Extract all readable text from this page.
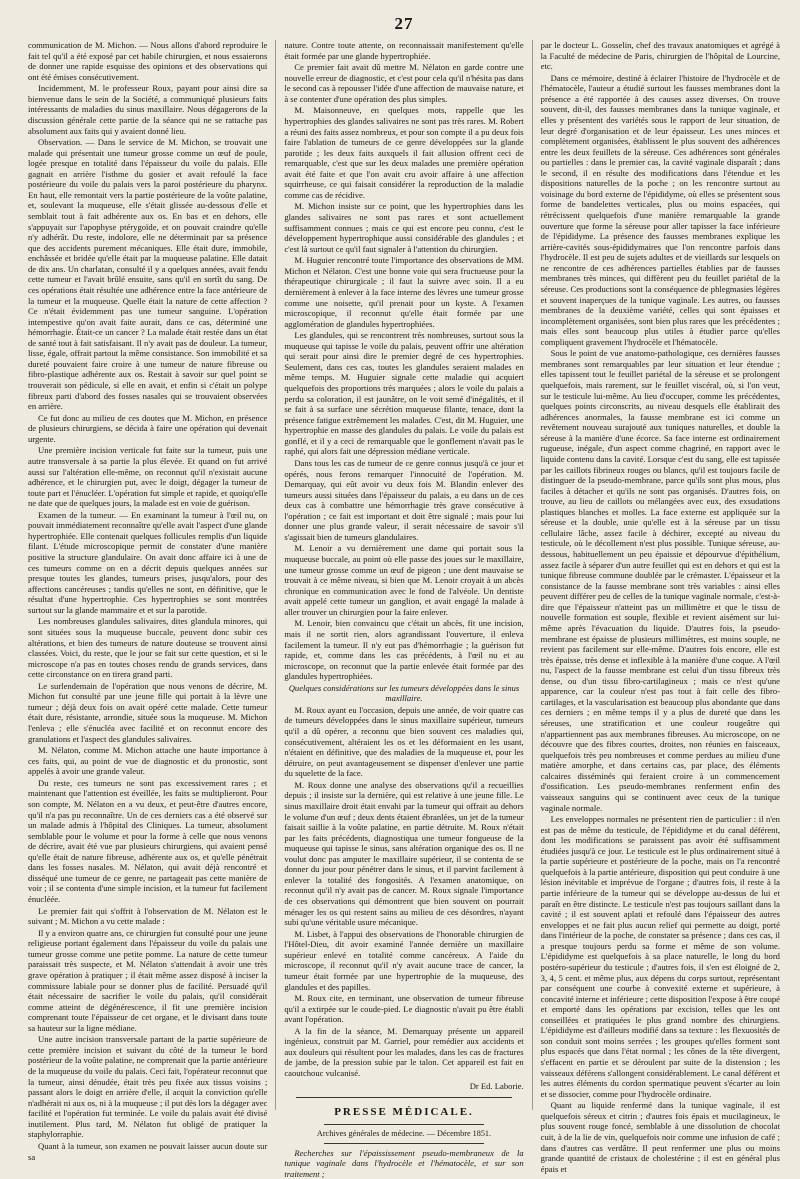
27

communication de M. Michon. — Nous allons d'abord reproduire le fait tel qu'il a été exposé par cet habile chirurgien, et nous essaierons de donner une rapide esquisse des opinions et des observations qui ont été émises consécutivement.

Incidemment, M. le professeur Roux, payant pour ainsi dire sa bienvenue dans le sein de la Société, a communiqué plusieurs faits intéressants de maladies du sinus maxillaire. Nous dégagerons de la discussion générale cette partie de la séance qui ne se rattache pas absolument aux faits qui y avaient donné lieu.

Observation. — Dans le service de M. Michon, se trouvait une malade qui présentait une tumeur grosse comme un œuf de poule, logée presque en totalité dans l'épaisseur du voile du palais. Elle gagnait en arrière l'isthme du gosier et avait refoulé la face postérieure du voile du palais vers la paroi postérieure du pharynx. En haut, elle remontait vers la partie postérieure de la voûte palatine, et, soulevant la muqueuse, elle s'était glissée au-dessous d'elle et semblait tout à fait adhérente aux os. En bas et en dehors, elle s'appuyait sur l'apophyse ptérygoïde, et on pouvait craindre qu'elle n'y adhérât. Du reste, indolore, elle ne déterminait par sa présence que des accidents purement mécaniques. Elle était dure, immobile, enchâssée et bridée qu'elle était par la muqueuse palatine. Elle datait de dix ans. Un charlatan, consulté il y a quelques années, avait fendu cette tumeur et l'avait brûlé ensuite, sans qu'il en sortît du sang. De ces opérations était résultée une adhérence entre la face antérieure de la tumeur et la muqueuse. Quelle était la nature de cette affection ? Ce n'était évidemment pas une tumeur sanguine. L'opération intempestive qu'on avait faite aurait, dans ce cas, déterminé une hémorrhagie. Était-ce un cancer ? La malade était restée dans un état de santé tout à fait satisfaisant. Il n'y avait pas de douleur. La tumeur, lisse, égale, offrait partout la même consistance. Son immobilité et sa dureté pouvaient faire croire à une tumeur de nature fibreuse ou fibro-plastique adhérente aux os. Restait à savoir sur quel point se trouverait son pédicule, si elle en avait, et enfin si c'était un polype fibreux parti d'abord des fosses nasales qui se trouvaient observées en arrière.

Ce fut donc au milieu de ces doutes que M. Michon, en présence de plusieurs chirurgiens, se décida à faire une opération qui devenait urgente.

Une première incision verticale fut faite sur la tumeur, puis une autre transversale à sa partie la plus élevée. Et quand on fut arrivé aussi sur l'altération elle-même, on reconnut qu'il n'existait aucune adhérence, et le chirurgien put, avec le doigt, dégager la tumeur de toute part et l'énucléer. L'opération fut simple et rapide, et quoiqu'elle ne date que de quelques jours, la malade est en voie de guérison.

Examen de la tumeur. — En examinant la tumeur à l'œil nu, on pouvait immédiatement reconnaître qu'elle avait l'aspect d'une glande hypertrophiée. Elle contenait quelques follicules remplis d'un liquide filant. L'étude microscopique permit de constater d'une manière positive la structure glandulaire. On avait donc affaire ici à une de ces tumeurs comme on en a décrit depuis quelques années sur presque toutes les glandes, tumeurs prises, jusqu'alors, pour des affections cancéreuses ; tandis qu'elles ne sont, en définitive, que le résultat d'une hypertrophie. Ces hypertrophies se sont montrées surtout sur la glande mammaire et et sur la parotide.

Les nombreuses glandules salivaires, dites glandula minores, qui sont situées sous la muqueuse buccale, peuvent donc subir ces altérations, et bien des tumeurs de nature douteuse se trouvent ainsi classées. Voici, du reste, que le jour se fait sur cette question, et si le microscope n'a pas en toutes choses rendu de grands services, dans cette circonstance on en tirera grand parti.

Le surlendemain de l'opération que nous venons de décrire, M. Michon fut consulté par une jeune fille qui portait à la lèvre une tumeur ; déjà deux fois on avait opéré cette malade. Cette tumeur était dure, résistante, arrondie, située sous la muqueuse. M. Michon l'enleva ; elle s'énucléa avec facilité et on reconnut encore des granulations et l'aspect des glandules salivaires.

M. Nélaton, comme M. Michon attache une haute importance à ces faits, qui, au point de vue de diagnostic et du pronostic, sont appelés à avoir une grande valeur.

Du reste, ces tumeurs ne sont pas excessivement rares ; et maintenant que l'attention est éveillée, les faits se multiplieront. Pour son compte, M. Nélaton en a vu deux, et peut-être d'autres encore, qu'il n'a pas pu reconnaître. Un de ces derniers cas a été observé sur un malade admis à l'hôpital des Cliniques. La tumeur, absolument semblable pour le volume et pour la forme à celle que nous venons de décrire, avait été vue par plusieurs chirurgiens, qui avaient pensé qu'elle était de nature fibreuse, adhérente aux os, et qu'elle pénétrait dans les fosses nasales. M. Nélaton, qui avait déjà rencontré et disséqué une tumeur de ce genre, ne partageait pas cette manière de voir ; il se contenta d'une simple incision, et la tumeur fut facilement énucléée.

Le premier fait qui s'offrit à l'observation de M. Nélaton est le suivant ; M. Michon a vu cette malade :

Il y a environ quatre ans, ce chirurgien fut consulté pour une jeune religieuse portant également dans l'épaisseur du voile du palais une tumeur grosse comme une petite pomme. La nature de cette tumeur paraissait très suspecte, et M. Nélaton s'attendait à avoir une très grave opération à pratiquer ; il était même assez disposé à inciser la commissure labiale pour se donner plus de facilité. Persuadé qu'il était nécessaire de sacrifier le voile du palais, qu'il considérait comme atteint de dégénérescence, il fit une première incision comprenant toute l'épaisseur de cet organe, et le divisant dans toute sa hauteur sur la ligne médiane.

Une autre incision transversale partant de la partie supérieure de cette première incision et suivant du côté de la tumeur le bord postérieur de la voûte palatine, ne comprenait que la partie antérieure de la muqueuse du voile du palais. Ceci fait, l'opérateur reconnut que la tumeur, ainsi dénudée, était très peu fixée aux tissus voisins ; passant alors le doigt en arrière d'elle, il acquit la conviction qu'elle n'adhérait ni aux os, ni à la muqueuse ; il put dès lors la dégager avec facilité et l'opération fut terminée. Le voile du palais avait été divisé inutilement. Plus tard, M. Nélaton fut obligé de pratiquer la staphylorraphie.

Quant à la tumeur, son examen ne pouvait laisser aucun doute sur sa

nature. Contre toute attente, on reconnaissait manifestement qu'elle était formée par une glande hypertrophiée.

Ce premier fait avait dû mettre M. Nélaton en garde contre une nouvelle erreur de diagnostic, et c'est pour cela qu'il n'hésita pas dans le second cas à repousser l'idée d'une affection de mauvaise nature, et à se contenter d'une opération des plus simples.

M. Maisonneuve, en quelques mots, rappelle que les hypertrophies des glandes salivaires ne sont pas très rares. M. Robert a réuni des faits assez nombreux, et pour son compte il a pu deux fois faire l'ablation de tumeurs de ce genre développées sur la glande parotide ; les deux faits auxquels il fait allusion offrent ceci de remarquable, c'est que sur les deux malades une première opération avait été faite et que l'on avait cru avoir affaire à une affection squirrheuse, ce qui faisait considérer la reproduction de la maladie comme cas de récidive.

M. Michon insiste sur ce point, que les hypertrophies dans les glandes salivaires ne sont pas rares et sont actuellement suffisamment connues ; mais ce qui est encore peu connu, c'est le développement hypertrophique aussi considérable des glandules ; et c'est là surtout ce qu'il faut signaler à l'attention du chirurgien.

M. Huguier rencontré toute l'importance des observations de MM. Michon et Nélaton. C'est une bonne voie qui sera fructueuse pour la thérapeutique chirurgicale ; il faut la suivre avec soin. Il a eu dernièrement à enlever à la face interne des lèvres une tumeur grosse comme une noisette, qu'il prenait pour un kyste. A l'examen microscopique, il reconnut qu'elle était formée par une agglomération de glandules hypertrophiées.

Les glandules, qui se rencontrent très nombreuses, surtout sous la muqueuse qui tapisse le voile du palais, peuvent offrir une altération qui serait pour ainsi dire le premier degré de ces hypertrophies. Seulement, dans ces cas, toutes les glandules seraient malades en même temps. M. Huguier signale cette maladie qui acquiert quelquefois des proportions très marquées ; alors le voile du palais a perdu sa coloration, il est jaunâtre, on le voit semé d'inégalités, et il se fait à sa surface une sécrétion muqueuse filante, tenace, dont la présence fatigue extrêmement les malades. C'est, dit M. Huguier, une hypertrophie en masse des glandules du palais. Le voile du palais est gonflé, et il y a ceci de remarquable que le gonflement n'avait pas le raphé, qui alors fait une dépression médiane verticale.

Dans tous les cas de tumeur de ce genre connus jusqu'à ce jour et opérés, nous ferons remarquer l'innocuité de l'opération. M. Demarquay, qui eût avoir vu deux fois M. Blandin enlever des tumeurs aussi situées dans l'épaisseur du palais, a eu dans un de ces deux cas à combattre une hémorrhagie très grave consécutive à l'opération ; ce fait est important et doit être signalé ; mais pour lui donner une plus grande valeur, il serait nécessaire de savoir s'il s'agissait bien de tumeurs glandulaires.

M. Lenoir a vu dernièrement une dame qui portait sous la muqueuse buccale, au point où elle passe des joues sur le maxillaire, une tumeur grosse comme un œuf de pigeon ; une dent mauvaise se trouvait à ce même niveau, si bien que M. Lenoir croyait à un abcès chronique en communication avec le fond de l'alvéole. Un dentiste avait appelé cette tumeur un ganglion, et avait engagé la malade à aller trouver un chirurgien pour la faire enlever.

M. Lenoir, bien convaincu que c'était un abcès, fit une incision, mais il ne sortit rien, alors agrandissant l'ouverture, il enleva facilement la tumeur. Il n'y eut pas d'hémorrhagie ; la guérison fut rapide, et, comme dans les cas précédents, à l'œil nu et au microscope, on reconnut que la partie enlevée était formée par des glandules hypertrophiées.

Quelques considérations sur les tumeurs développées dans le sinus maxillaire.

M. Roux ayant eu l'occasion, depuis une année, de voir quatre cas de tumeurs développées dans le sinus maxillaire supérieur, tumeurs qu'il a dû opérer, a reconnu que bien souvent ces maladies qui, consécutivement, altéraient les os et les déformaient en les usant, n'étaient en définitive, que des maladies de la muqueuse et, pour les détruire, on peut avantageusement se dispenser d'enlever une partie du squelette de la face.

M. Roux donne une analyse des observations qu'il a recueillies depuis ; il insiste sur la dernière, qui est relative à une jeune fille. Le sinus maxillaire droit était envahi par la tumeur qui offrait au dehors le volume d'un œuf ; deux dents étaient ébranlées, un jet de la tumeur faisait saillie à la voûte palatine, en partie détruite. M. Roux n'était par les faits précédents, diagnostiqua une tumeur fongueuse de la muqueuse qui tapisse le sinus, sans altération organique des os. Il ne voulut donc pas amputer le maxillaire supérieur, il se contenta de se donner du jour pour pénétrer dans le sinus, et il parvint facilement à enlever la totalité des fongosités. A l'examen anatomique, on reconnut qu'il n'y avait pas de cancer. M. Roux signale l'importance de ces observations qui démontrent que bien souvent on pourrait ménager les os qui restent sains au milieu de ces désordres, n'ayant subi qu'une véritable usure mécanique.

M. Lisbet, à l'appui des observations de l'honorable chirurgien de l'Hôtel-Dieu, dit avoir examiné l'année dernière un maxillaire supérieur enlevé en totalité comme cancéreux. A l'aide du microscope, il reconnut qu'il n'y avait aucune trace de cancer, la tumeur était formée par une hypertrophie de la muqueuse, des glandules et des papilles.

M. Roux cite, en terminant, une observation de tumeur fibreuse qu'il a extirpée sur le coude-pied. Le diagnostic n'avait pu être établi avant l'opération.

A la fin de la séance, M. Demarquay présente un appareil ingénieux, construit par M. Garriel, pour remédier aux accidents et aux douleurs qui résultent pour les malades, dans les cas de fractures de jambe, de la pression subie par le talon. Cet appareil est fait en caoutchouc vulcanisé.

Dr Ed. Laborie.

PRESSE MÉDICALE.

Archives générales de médecine. — Décembre 1851.

Recherches sur l'épaississement pseudo-membraneux de la tunique vaginale dans l'hydrocèle et l'hématocèle, et sur son traitement ;

par le docteur L. Gosselin, chef des travaux anatomiques et agrégé à la Faculté de médecine de Paris, chirurgien de l'hôpital de Lourcine, etc.

Dans ce mémoire, destiné à éclairer l'histoire de l'hydrocèle et de l'hématocèle, l'auteur a étudié surtout les fausses membranes dont la présence a été rapportée à des causes assez diverses. On trouve souvent, dit-il, des fausses membranes dans la tunique vaginale, et elles y présentent des variétés sous le rapport de leur situation, de leur degré d'organisation et de leur épaisseur. Les unes minces et complètement organisées, établissent le plus souvent des adhérences entre les deux feuillets de la séreuse. Ces adhérences sont générales ou partielles : dans le premier cas, la cavité vaginale disparaît ; dans le second, il en résulte des modifications dans l'étendue et les dispositions naturelles de la poche ; on les rencontre surtout au voisinage du bord externe de l'épididyme, où elles se présentent sous forme de bandelettes verticales, plus ou moins espacées, qui rétrécissent quelquefois d'une manière remarquable la grande ouverture que forme la séreuse pour aller tapisser la face inférieure de l'épididyme. La présence des fausses membranes explique les arrière-cavités sous-épididymaires que l'on rencontre parfois dans l'hydrocèle. Il est peu de sujets adultes et de vieillards sur lesquels on ne rencontre de ces adhérences partielles établies par de fausses membranes très minces, qui diffèrent peu du feuillet pariétal de la séreuse. Ces productions sont la conséquence de phlegmasies légères et souvent inaperçues de la tunique vaginale. Les autres, ou fausses membranes de la deuxième variété, celles qui sont épaisses et incomplètement organisées, sont bien plus rares que les précédentes ; mais elles sont beaucoup plus utiles à étudier parce qu'elles compliquent gravement l'hydrocèle et l'hématocèle.

Sous le point de vue anatomo-pathologique, ces dernières fausses membranes sont remarquables par leur situation et leur étendue ; elles tapissent tout le feuillet pariétal de la séreuse et se prolongent quelquefois, mais rarement, sur le feuillet viscéral, où, si l'on veut, sur le testicule lui-même. Au lieu d'occuper, comme les précédentes, quelques points circonscrits, au niveau desquels elle établirait des adhérences anormales, la fausse membrane est ici comme un revêtement nouveau surajouté aux tuniques naturelles, et double la séreuse à la manière d'une écorce. Sa face interne est ordinairement rugueuse, inégale, d'un aspect comme chagriné, en rapport avec le liquide contenu dans la cavité. Lorsque c'est du sang, elle est tapissée par les caillots fibrineux rouges ou blancs, qu'il est toujours facile de distinguer de la pseudo-membrane, parce qu'ils sont plus mous, plus faciles à détacher et qu'ils ne sont pas organisés. D'autres fois, on trouve, au lieu de caillots ou mélangées avec eux, des exsudations plastiques blanches et molles. La face externe est appliquée sur la séreuse et la double, unie qu'elle est à la séreuse par un tissu cellulaire lâche, assez facile à déchirer, excepté au niveau du testicule, où le décollement n'est plus possible. Tunique séreuse, au-dessous, habituellement un peu épaissie et dépourvue d'épithélium, assez facile à séparer d'un autre feuillet qui est en dehors et qui est la tunique fibreuse commune doublée par le crémaster. L'épaisseur et la consistance de la fausse membrane sont très variables : ainsi elles peuvent différer peu de celles de la tunique vaginale normale, c'est-à-dire que l'épaisseur n'atteint pas un millimètre et que le tissu de nouvelle formation est souple, flexible et revient aisément sur lui-même après l'évacuation du liquide. D'autres fois, la pseudo-membrane est épaisse de plusieurs millimètres, est moins souple, ne revient pas facilement sur elle-même. D'autres fois encore, elle est très épaisse, très dense et inflexible à la manière d'une coque. A l'œil nu, l'aspect de la fausse membrane est celui d'un tissu fibreux très dense, ou d'un tissu fibro-cartilagineux ; mais ce n'est qu'une apparence, car la couleur n'est pas tout à fait celle des fibro-cartilages, et la vascularisation est beaucoup plus abondante que dans ces derniers ; en même temps il y a plus de dureté que dans les séreuses, une stratification et une couleur rougeâtre qui n'appartiennent pas aux membranes fibreuses. Au microscope, on ne découvre que des fibres courtes, droites, non réunies en faisceaux, quelquefois très peu nombreuses et comme perdues au milieu d'une matière amorphe, et dans certains cas, par place, des éléments calcaires disséminés qui feraient croire à un commencement d'ossification. Les pseudo-membranes renferment enfin des vaisseaux sanguins qui se continuent avec ceux de la tunique vaginale normale.

Les enveloppes normales ne présentent rien de particulier : il n'en est pas de même du testicule, de l'épididyme et du canal déférent, dont les modifications se paraissent pas avoir été suffisamment étudiées jusqu'à ce jour. Le testicule est le plus ordinairement situé à la partie supérieure et postérieure de la poche, mais on l'a rencontré quelquefois à la partie antérieure, disposition qui peut conduire à une lésion inévitable et imprévue de l'organe ; d'autres fois, il reste à la partie inférieure de la tumeur qui se développe au-dessus de lui et paraît en être distincte. Le testicule n'est pas toujours saillant dans la cavité ; il est souvent aplati et refoulé dans l'épaisseur des autres enveloppes et ne fait plus aucun relief qui permette au doigt, porté dans l'intérieur de la poche, de constater sa présence ; dans ces cas, il a presque toujours perdu sa forme et même de son volume. L'épididyme est quelquefois à sa place naturelle, le long du bord postéro-supérieur du testicule ; d'autres fois, il s'en est éloigné de 2, 3, 4, 5 cent. et même plus, aux dépens du corps surtout, représentant par conséquent une courbe à convexité externe et supérieure, à concavité interne et inférieure ; cette disposition l'expose à être coupé et emporté dans les opérations par excision, telles que les ont conseillées et pratiquées le plus grand nombre des chirurgiens. L'épididyme est d'ailleurs modifié dans sa texture : les flexuosités de son conduit sont moins serrées ; les groupes qu'elles forment sont plus espacés que dans l'état normal ; les cônes de la tête divergent, s'effacent en partie et se déroulent par suite de la distension ; les vaisseaux déférens s'allongent considérablement. Le canal déférent et les autres éléments du cordon spermatique peuvent s'écarter au loin et se dissocier, comme pour l'hydrocèle ordinaire.

Quant au liquide renfermé dans la tunique vaginale, il est quelquefois séreux et citrin ; d'autres fois épais et mucilagineux, le plus souvent rouge foncé, semblable à une dissolution de chocolat cuit, à de la lie de vin, quelquefois noir comme une infusion de café ; dans d'autres cas verdâtre. Il peut renfermer une plus ou moins grande quantité de cristaux de cholestérine ; il est en général plus épais et
